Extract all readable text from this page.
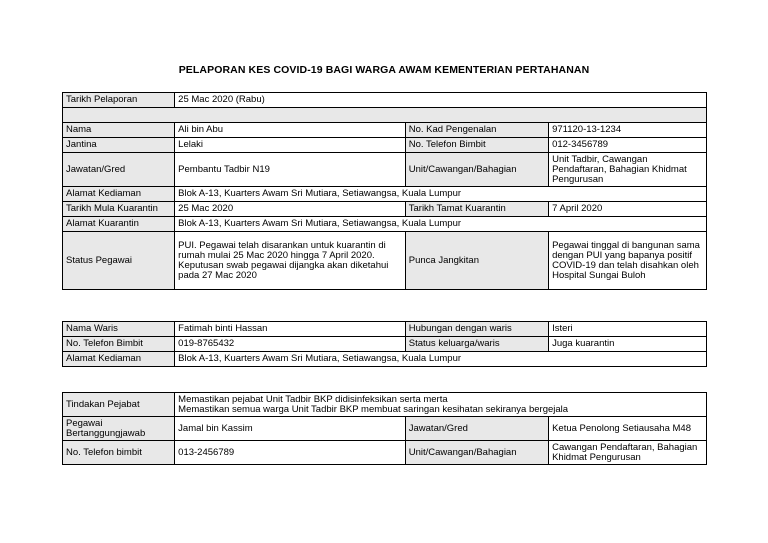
PELAPORAN KES COVID-19 BAGI WARGA AWAM KEMENTERIAN PERTAHANAN
Tarikh Pelaporan	25 Mac 2020 (Rabu)		

Nama	Ali bin Abu	No. Kad Pengenalan	971120-13-1234
Jantina	Lelaki	No. Telefon Bimbit	012-3456789
Jawatan/Gred	Pembantu Tadbir N19	Unit/Cawangan/Bahagian	Unit Tadbir, Cawangan Pendaftaran, Bahagian Khidmat Pengurusan
Alamat Kediaman	Blok A-13, Kuarters Awam Sri Mutiara, Setiawangsa, Kuala Lumpur		
Tarikh Mula Kuarantin	25 Mac 2020	Tarikh Tamat Kuarantin	7 April 2020
Alamat Kuarantin	Blok A-13, Kuarters Awam Sri Mutiara, Setiawangsa, Kuala Lumpur		
Status Pegawai	PUI. Pegawai telah disarankan untuk kuarantin di rumah mulai 25 Mac 2020 hingga 7 April 2020. Keputusan swab pegawai dijangka akan diketahui pada 27 Mac 2020	Punca Jangkitan	Pegawai tinggal di bangunan sama dengan PUI yang bapanya positif COVID-19 dan telah disahkan oleh Hospital Sungai Buloh
Nama Waris	Fatimah binti Hassan	Hubungan dengan waris	Isteri
No. Telefon Bimbit	019-8765432	Status keluarga/waris	Juga kuarantin
Alamat Kediaman	Blok A-13, Kuarters Awam Sri Mutiara, Setiawangsa, Kuala Lumpur		
Tindakan Pejabat	Memastikan pejabat Unit Tadbir BKP didisinfeksikan serta merta
Memastikan semua warga Unit Tadbir BKP membuat saringan kesihatan sekiranya bergejala		

Pegawai Bertanggungjawab	Jamal bin Kassim	Jawatan/Gred	Ketua Penolong Setiausaha M48
No. Telefon bimbit	013-2456789	Unit/Cawangan/Bahagian	Cawangan Pendaftaran, Bahagian Khidmat Pengurusan
